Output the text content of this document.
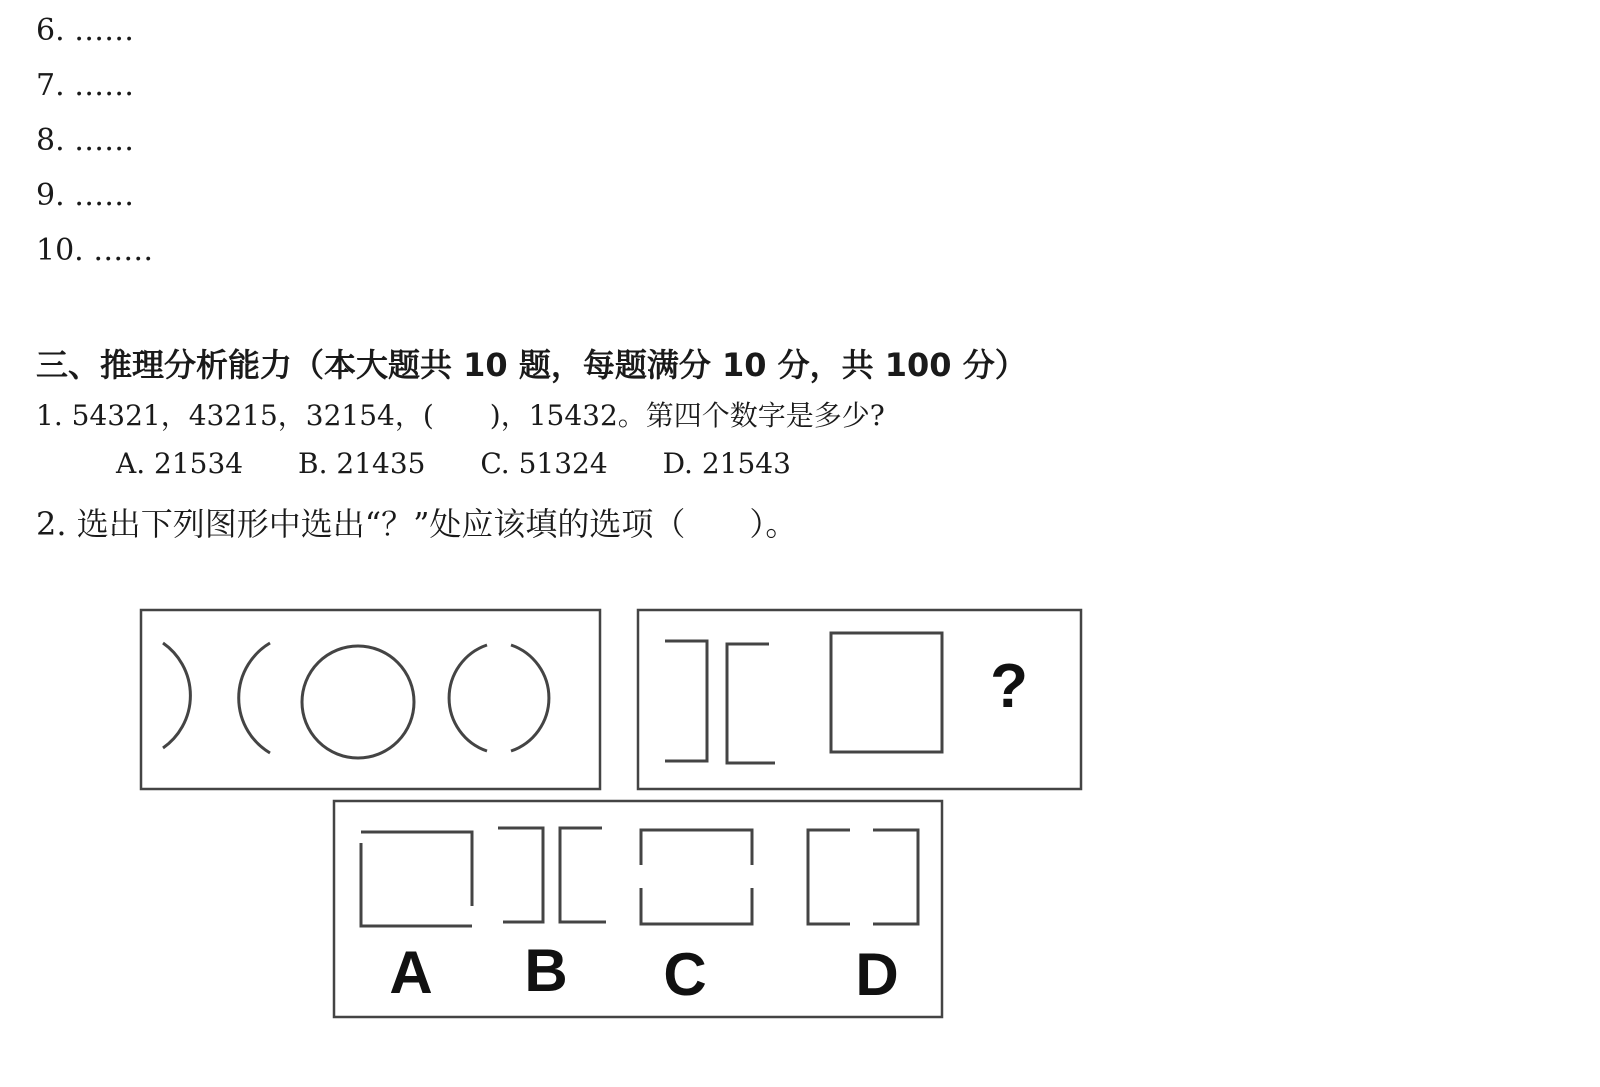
6. ……
7. ……
8. ……
9. ……
10. ……
三、推理分析能力（本大题共 10 题，每题满分 10 分，共 100 分）
1. 54321，43215，32154，(　　)，15432。第四个数字是多少?
A. 21534 B. 21435 C. 51324 D. 21543
2. 选出下列图形中选出“？”处应该填的选项（　　）。
?
A B C D
